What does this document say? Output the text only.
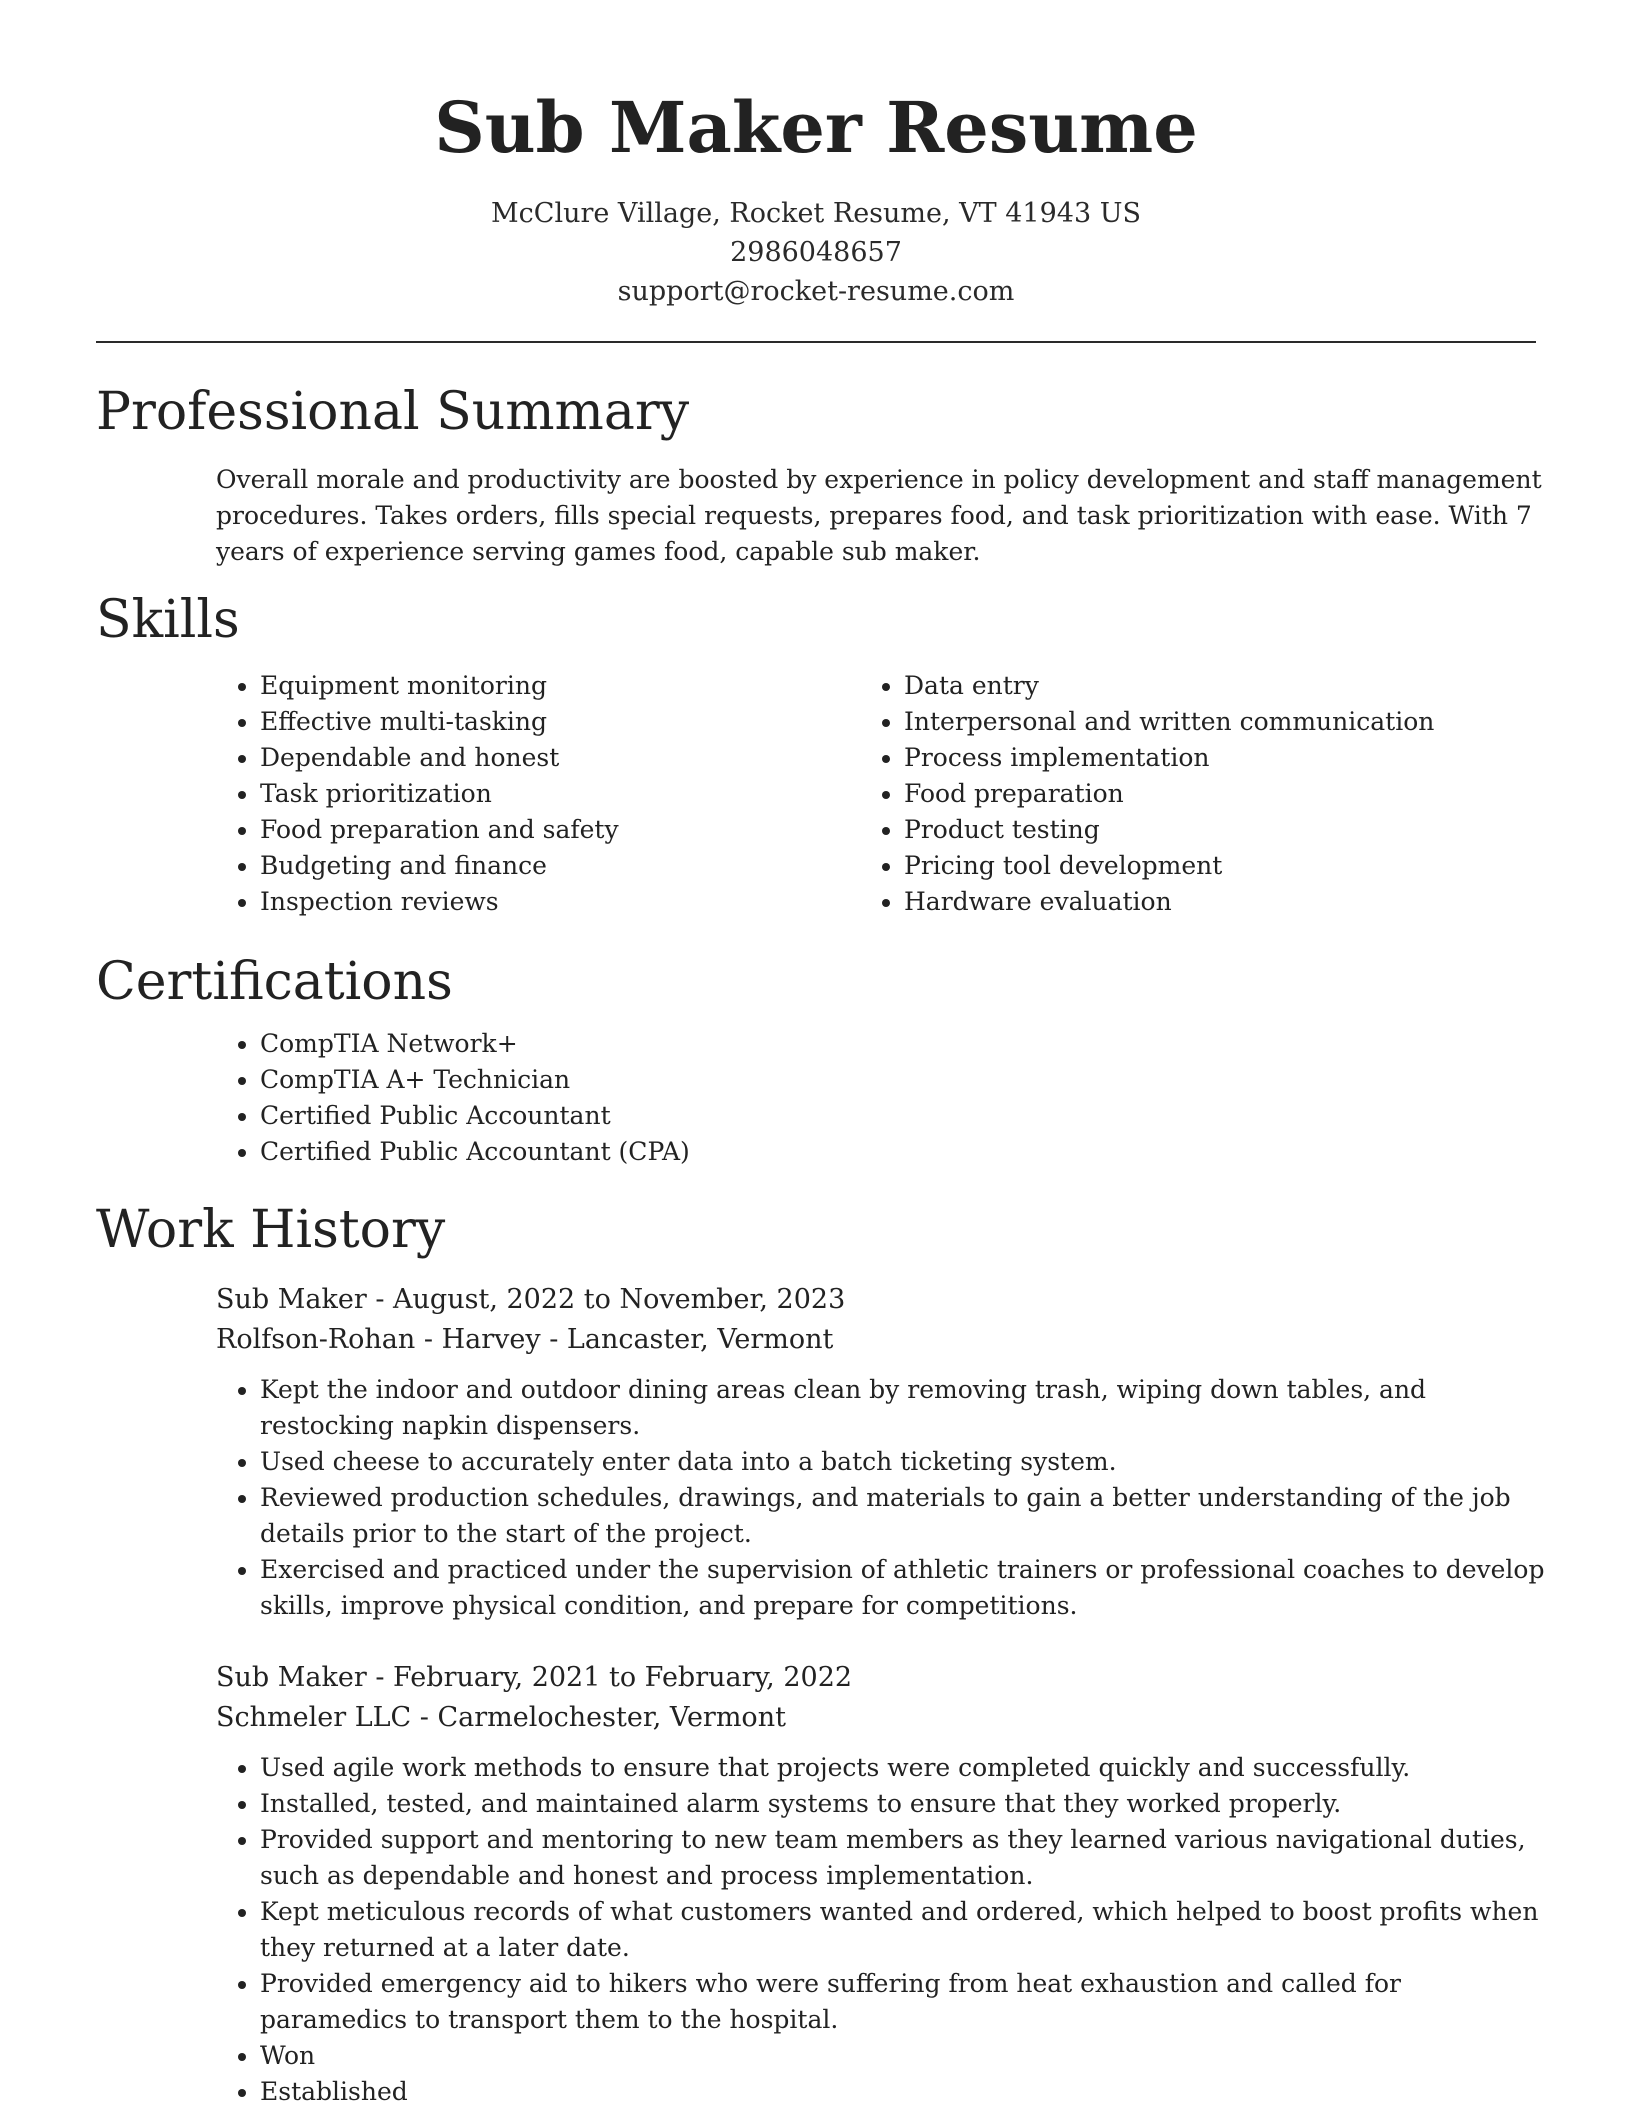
Sub Maker Resume
McClure Village, Rocket Resume, VT 41943 US
2986048657
support@rocket-resume.com
Professional Summary

Overall morale and productivity are boosted by experience in policy development and staff management procedures. Takes orders, fills special requests, prepares food, and task prioritization with ease. With 7 years of experience serving games food, capable sub maker.

Skills
• Equipment monitoring
• Effective multi-tasking
• Dependable and honest
• Task prioritization
• Food preparation and safety
• Budgeting and finance
• Inspection reviews
• Data entry
• Interpersonal and written communication
• Process implementation
• Food preparation
• Product testing
• Pricing tool development
• Hardware evaluation
Certifications
• CompTIA Network+
• CompTIA A+ Technician
• Certified Public Accountant
• Certified Public Accountant (CPA)
Work History
Sub Maker - August, 2022 to November, 2023
Rolfson-Rohan - Harvey - Lancaster, Vermont
• Kept the indoor and outdoor dining areas clean by removing trash, wiping down tables, and restocking napkin dispensers.
• Used cheese to accurately enter data into a batch ticketing system.
• Reviewed production schedules, drawings, and materials to gain a better understanding of the job details prior to the start of the project.
• Exercised and practiced under the supervision of athletic trainers or professional coaches to develop skills, improve physical condition, and prepare for competitions.
Sub Maker - February, 2021 to February, 2022
Schmeler LLC - Carmelochester, Vermont
• Used agile work methods to ensure that projects were completed quickly and successfully.
• Installed, tested, and maintained alarm systems to ensure that they worked properly.
• Provided support and mentoring to new team members as they learned various navigational duties, such as dependable and honest and process implementation.
• Kept meticulous records of what customers wanted and ordered, which helped to boost profits when they returned at a later date.
• Provided emergency aid to hikers who were suffering from heat exhaustion and called for paramedics to transport them to the hospital.
• Won
• Established
